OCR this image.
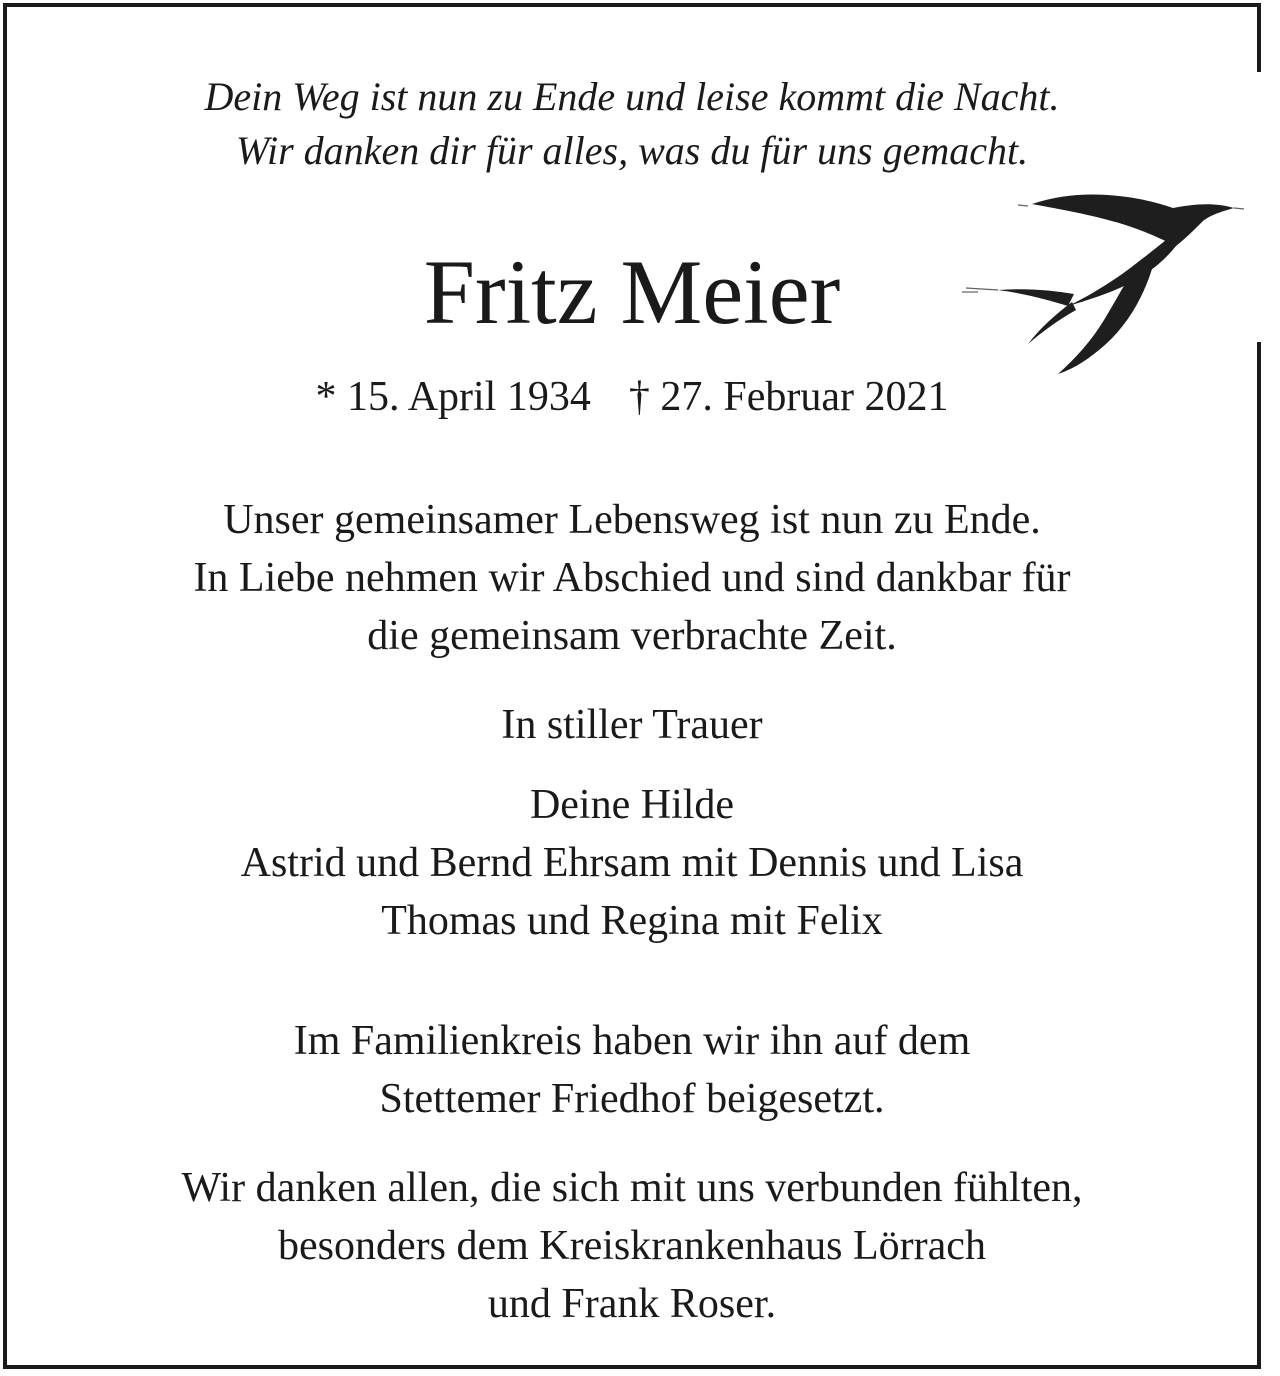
Dein Weg ist nun zu Ende und leise kommt die Nacht.
Wir danken dir für alles, was du für uns gemacht.
Fritz Meier
* 15. April 1934 † 27. Februar 2021
Unser gemeinsamer Lebensweg ist nun zu Ende.
In Liebe nehmen wir Abschied und sind dankbar für
die gemeinsam verbrachte Zeit.
In stiller Trauer
Deine Hilde
Astrid und Bernd Ehrsam mit Dennis und Lisa
Thomas und Regina mit Felix
Im Familienkreis haben wir ihn auf dem
Stettemer Friedhof beigesetzt.
Wir danken allen, die sich mit uns verbunden fühlten,
besonders dem Kreiskrankenhaus Lörrach
und Frank Roser.
